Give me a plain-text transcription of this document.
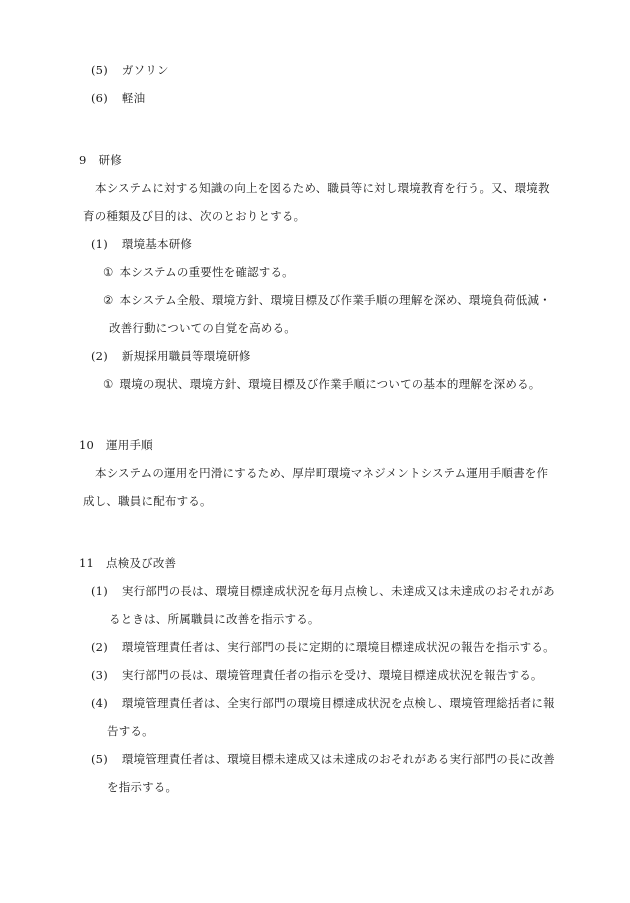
(5) ガソリン
(6) 軽油
9 研修
本システムに対する知識の向上を図るため、職員等に対し環境教育を行う。又、環境教
育の種類及び目的は、次のとおりとする。
(1) 環境基本研修
① 本システムの重要性を確認する。
② 本システム全般、環境方針、環境目標及び作業手順の理解を深め、環境負荷低減・
改善行動についての自覚を高める。
(2) 新規採用職員等環境研修
① 環境の現状、環境方針、環境目標及び作業手順についての基本的理解を深める。
10 運用手順
本システムの運用を円滑にするため、厚岸町環境マネジメントシステム運用手順書を作
成し、職員に配布する。
11 点検及び改善
(1) 実行部門の長は、環境目標達成状況を毎月点検し、未達成又は未達成のおそれがあ
るときは、所属職員に改善を指示する。
(2) 環境管理責任者は、実行部門の長に定期的に環境目標達成状況の報告を指示する。
(3) 実行部門の長は、環境管理責任者の指示を受け、環境目標達成状況を報告する。
(4) 環境管理責任者は、全実行部門の環境目標達成状況を点検し、環境管理総括者に報
告する。
(5) 環境管理責任者は、環境目標未達成又は未達成のおそれがある実行部門の長に改善
を指示する。
